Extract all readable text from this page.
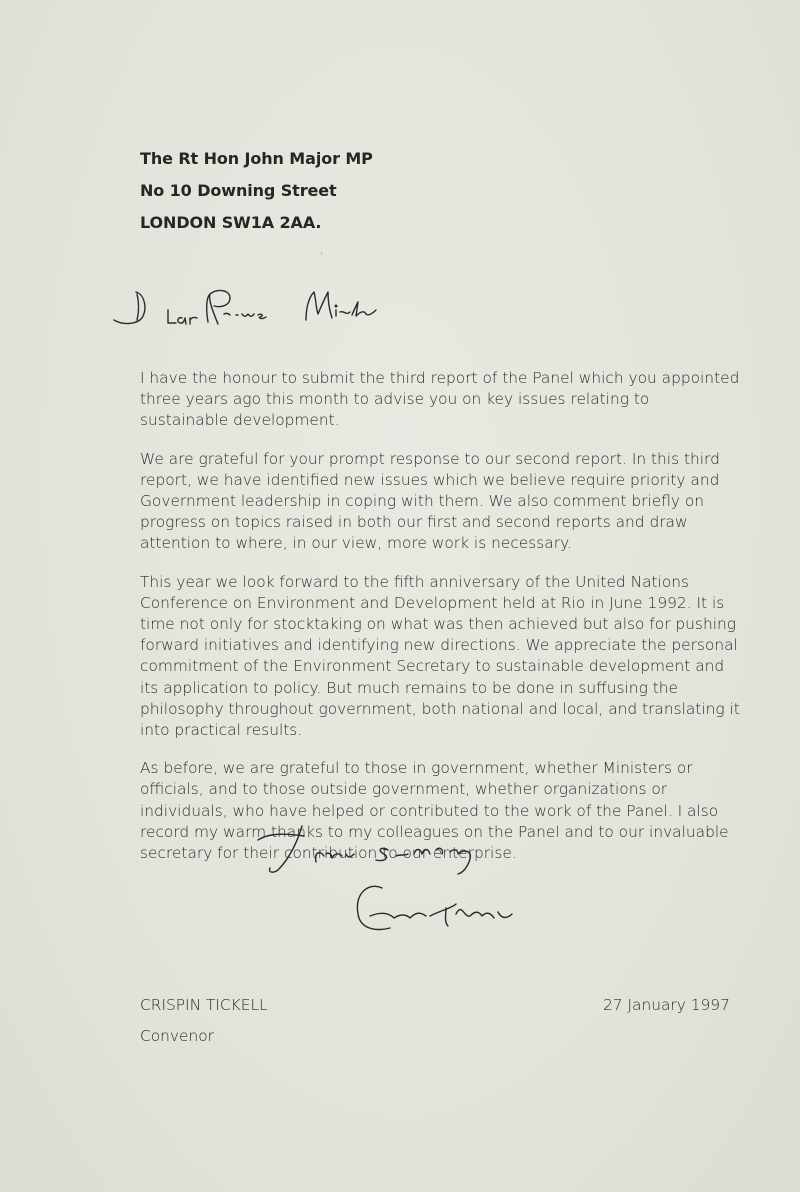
'
The Rt Hon John Major MP
No 10 Downing Street
LONDON SW1A 2AA.

I have the honour to submit the third report of the Panel which you appointed three years ago this month to advise you on key issues relating to sustainable development.

We are grateful for your prompt response to our second report. In this third report, we have identified new issues which we believe require priority and Government leadership in coping with them. We also comment briefly on progress on topics raised in both our first and second reports and draw attention to where, in our view, more work is necessary.

This year we look forward to the fifth anniversary of the United Nations Conference on Environment and Development held at Rio in June 1992. It is time not only for stocktaking on what was then achieved but also for pushing forward initiatives and identifying new directions. We appreciate the personal commitment of the Environment Secretary to sustainable development and its application to policy. But much remains to be done in suffusing the philosophy throughout government, both national and local, and translating it into practical results.

As before, we are grateful to those in government, whether Ministers or officials, and to those outside government, whether organizations or individuals, who have helped or contributed to the work of the Panel. I also record my warm thanks to my colleagues on the Panel and to our invaluable secretary for their contribution to our enterprise.

CRISPIN TICKELL	27 January 1997
Convenor
